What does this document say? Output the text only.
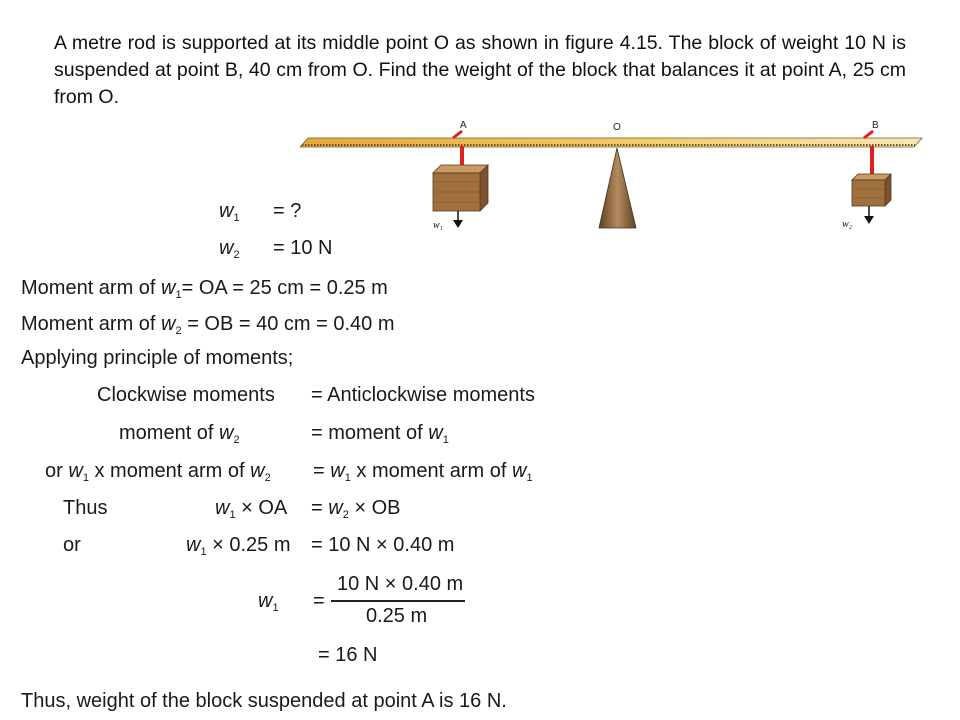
A metre rod is supported at its middle point O as shown in figure 4.15. The block of weight 10 N is suspended at point B, 40 cm from O. Find the weight of the block that balances it at point A, 25 cm from O.
A	O	B
w₁	w₂
$w_1$ = ?
$w_2 = 10$ N
Moment arm of $w_1=$ OA = 25 cm = 0.25 m
Moment arm of $w_2$ = OB = 40 cm = 0.40 m
Applying principle of moments;
Clockwise moments = Anticlockwise moments
moment of $w_2$	= moment of $w_1$
or $w_1$ x moment arm of $w_2 = w_1$ x moment arm of $w_1$
Thus	$w_1$ × OA = $w_2$ × OB
or	$w_1 \times 0.25$ m = 10 N × 0.40 m
$w_1$ =
10 N × 0.40 m
0.25 m
= 16 N
Thus, weight of the block suspended at point A is 16 N.
